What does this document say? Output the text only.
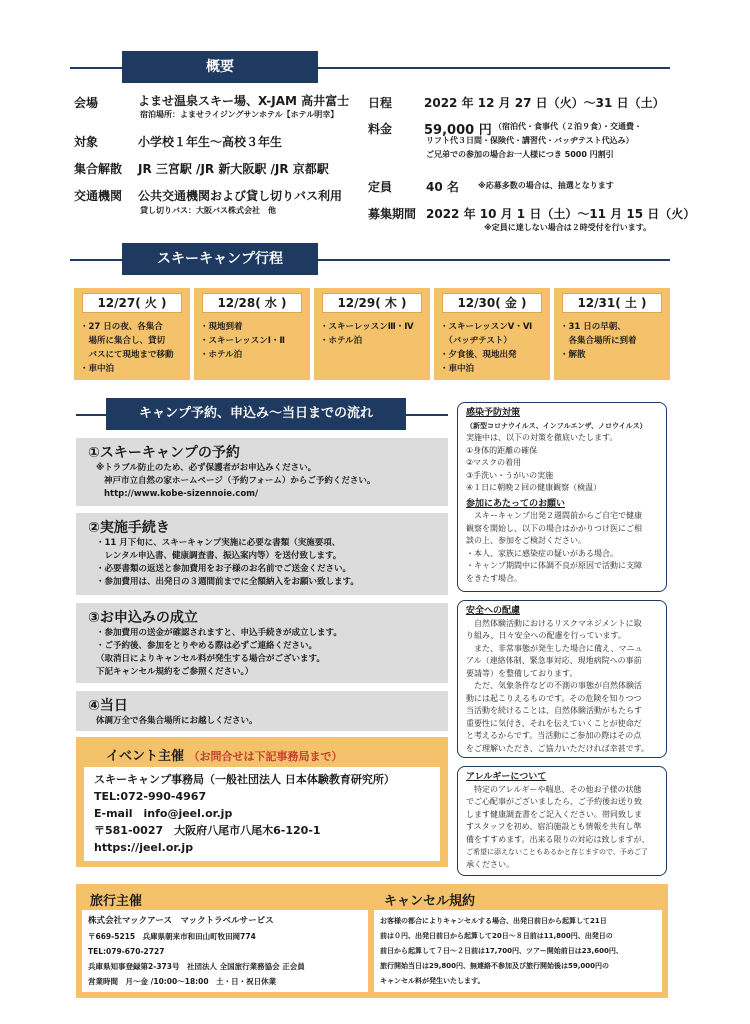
概要
会場	よませ温泉スキー場、X-JAM 高井富士
宿泊場所：よませライジングサンホテル【ホテル明幸】
対象	小学校１年生〜高校３年生
集合解散 JR 三宮駅 /JR 新大阪駅 /JR 京都駅
交通機関 公共交通機関および貸し切りバス利用
貸し切りバス：大阪バス株式会社　他
日程	2022 年 12 月 27 日（火）〜31 日（土）
料金 59,000 円 （宿泊代・食事代（２泊９食）・交通費・
リフト代３日間・保険代・講習代・バッヂテスト代込み）
ご兄弟での参加の場合お一人様につき 5000 円割引
定員	40 名 ※応募多数の場合は、抽選となります
募集期間 2022 年 10 月 1 日（土）〜11 月 15 日（火）
※定員に達しない場合は２時受付を行います。
スキーキャンプ行程
12/27( 火 )
・27 日の夜、各集合
　場所に集合し、貸切
　バスにて現地まで移動
・車中泊
12/28( 水 )
・現地到着
・スキーレッスンⅠ・Ⅱ
・ホテル泊
12/29( 木 )
・スキーレッスンⅢ・Ⅳ
・ホテル泊
12/30( 金 )
・スキーレッスンⅤ・Ⅵ
　（バッヂテスト）
・夕食後、現地出発
・車中泊
12/31( 土 )
・31 日の早朝、
　各集合場所に到着
・解散
キャンプ予約、申込み〜当日までの流れ
①スキーキャンプの予約
※トラブル防止のため、必ず保護者がお申込みください。
神戸市立自然の家ホームページ（予約フォーム）からご予約ください。
http://www.kobe-sizennoie.com/
②実施手続き
・11 月下旬に、スキーキャンプ実施に必要な書類（実施要項、
　レンタル申込書、健康調査書、振込案内等）を送付致します。
・必要書類の返送と参加費用をお子様のお名前でご送金ください。
・参加費用は、出発日の３週間前までに全額納入をお願い致します。
③お申込みの成立
・参加費用の送金が確認されますと、申込手続きが成立します。
・ご予約後、参加をとりやめる際は必ずご連絡ください。
（取消日によりキャンセル料が発生する場合がございます。
下記キャンセル規約をご参照ください。）
④当日
体調万全で各集合場所にお越しください。
イベント主催 （お問合せは下記事務局まで）
スキーキャンプ事務局（一般社団法人 日本体験教育研究所）
TEL:072-990-4967
E-mail　info@jeel.or.jp
〒581-0027　大阪府八尾市八尾木6-120-1
https://jeel.or.jp
感染予防対策
（新型コロナウイルス、インフルエンザ、ノロウイルス）
実施中は、以下の対策を徹底いたします。
①身体的距離の確保
②マスクの着用
③手洗い・うがいの実施
④１日に朝晩２回の健康観察（検温）
参加にあたってのお願い
　スキーキャンプ出発２週間前からご自宅で健康
観察を開始し、以下の場合はかかりつけ医にご相
談の上、参加をご検討ください。
・本人、家族に感染症の疑いがある場合。
・キャンプ期間中に体調不良が原因で活動に支障
をきたす場合。
安全への配慮
　自然体験活動におけるリスクマネジメントに取
り組み、日々安全への配慮を行っています。
　また、非常事態が発生した場合に備え、マニュ
アル（連絡体制、緊急事対応、現地病院への事前
要請等）を整備しております。
　ただ、気象条件などの不測の事態が自然体験活
動には起こりえるものです。その危険を知りつつ
当活動を続けることは、自然体験活動がもたらす
重要性に気付き、それを伝えていくことが使命だ
と考えるからです。当活動にご参加の際はその点
をご理解いただき、ご協力いただければ幸甚です。
アレルギーについて
　特定のアレルギーや喘息、その他お子様の状態
でご心配事がございましたら、ご予約後お送り致
します健康調査書をご記入ください。帯同致しま
すスタッフを初め、宿泊施設とも情報を共有し準
備をすすめます。出来る限りの対応は致しますが、
ご希望に添えないこともあるかと存じますので、予めご了
承ください。
旅行主催
株式会社マックアース　マックトラベルサービス
〒669-5215　兵庫県朝来市和田山町牧田岡774
TEL:079-670-2727
兵庫県知事登録第2-373号　社団法人 全国旅行業務協会 正会員
営業時間　月〜金 /10:00〜18:00　土・日・祝日休業
キャンセル規約
お客様の都合によりキャンセルする場合、出発日前日から起算して21日
前は０円、出発日前日から起算して20日〜８日前は11,800円、出発日の
前日から起算して７日〜２日前は17,700円、ツアー開始前日は23,600円、
旅行開始当日は29,800円、無連絡不参加及び旅行開始後は59,000円の
キャンセル料が発生いたします。
